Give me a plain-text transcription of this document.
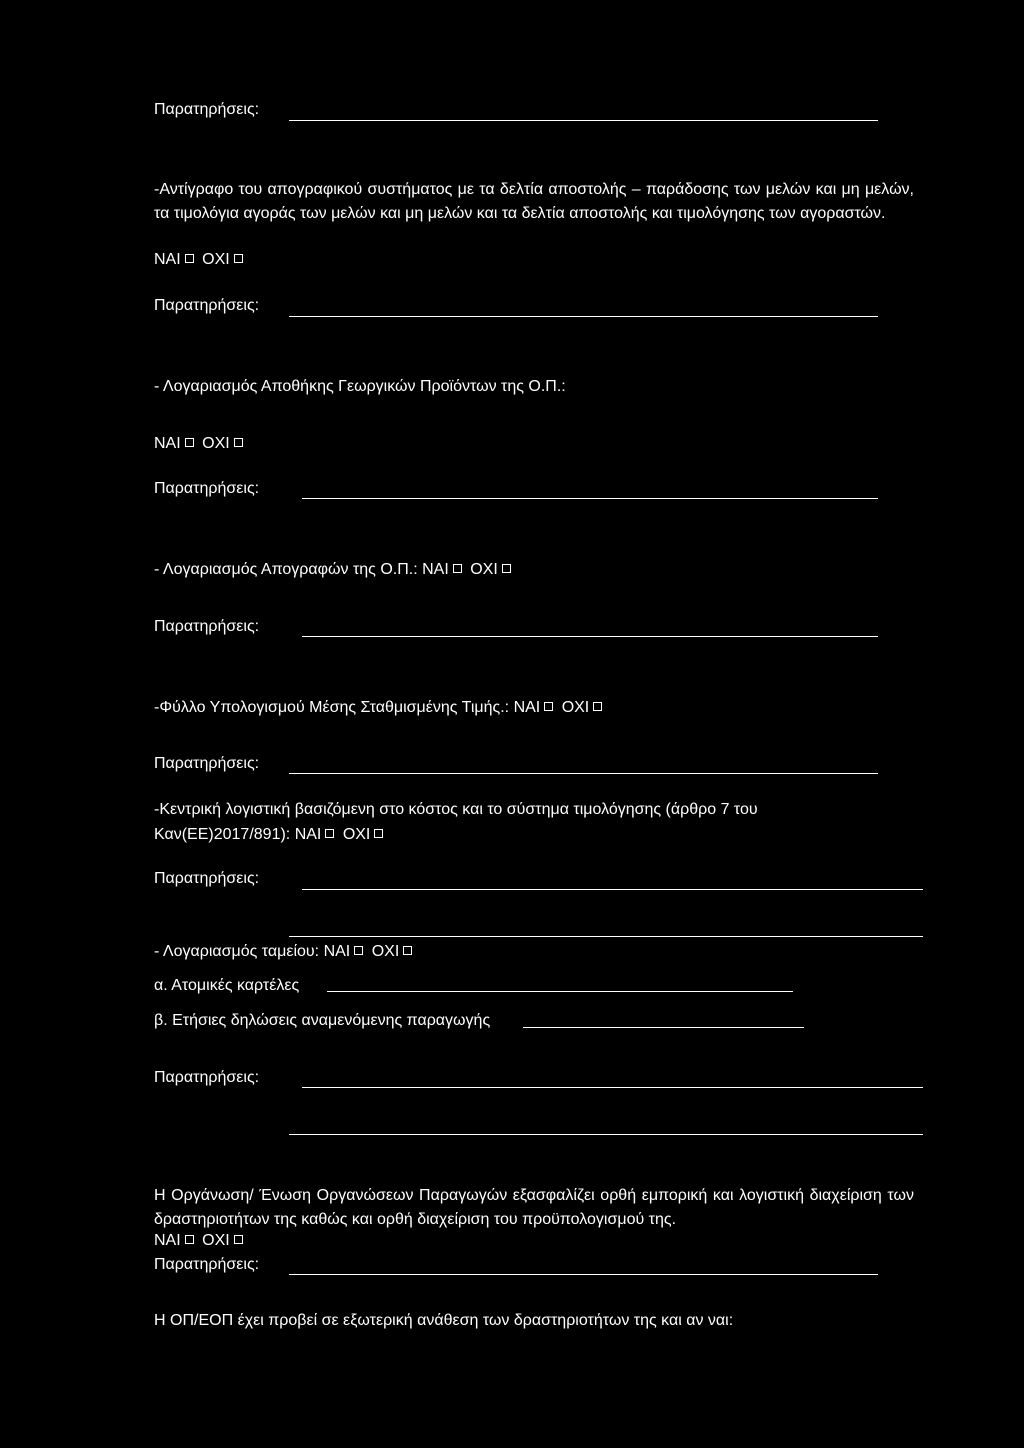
Παρατηρήσεις:
-Αντίγραφο του απογραφικού συστήματος με τα δελτία αποστολής – παράδοσης των μελών και μη μελών, τα τιμολόγια αγοράς των μελών και μη μελών και τα δελτία αποστολής και τιμολόγησης των αγοραστών.
ΝΑΙ ΟΧΙ
Παρατηρήσεις:
- Λογαριασμός Αποθήκης Γεωργικών Προϊόντων της Ο.Π.:
ΝΑΙ ΟΧΙ
Παρατηρήσεις:
- Λογαριασμός Απογραφών της Ο.Π.: ΝΑΙ ΟΧΙ
Παρατηρήσεις:
-Φύλλο Υπολογισμού Μέσης Σταθμισμένης Τιμής.: ΝΑΙ ΟΧΙ
Παρατηρήσεις:
-Κεντρική λογιστική βασιζόμενη στο κόστος και το σύστημα τιμολόγησης (άρθρο 7 του
Καν(ΕΕ)2017/891): ΝΑΙ ΟΧΙ
Παρατηρήσεις:
- Λογαριασμός ταμείου: ΝΑΙ ΟΧΙ
α. Ατομικές καρτέλες
β. Ετήσιες δηλώσεις αναμενόμενης παραγωγής
Παρατηρήσεις:
Η Οργάνωση/ Ένωση Οργανώσεων Παραγωγών εξασφαλίζει ορθή εμπορική και λογιστική διαχείριση των δραστηριοτήτων της καθώς και ορθή διαχείριση του προϋπολογισμού της.
ΝΑΙ ΟΧΙ
Παρατηρήσεις:
Η ΟΠ/ΕΟΠ έχει προβεί σε εξωτερική ανάθεση των δραστηριοτήτων της και αν ναι:
